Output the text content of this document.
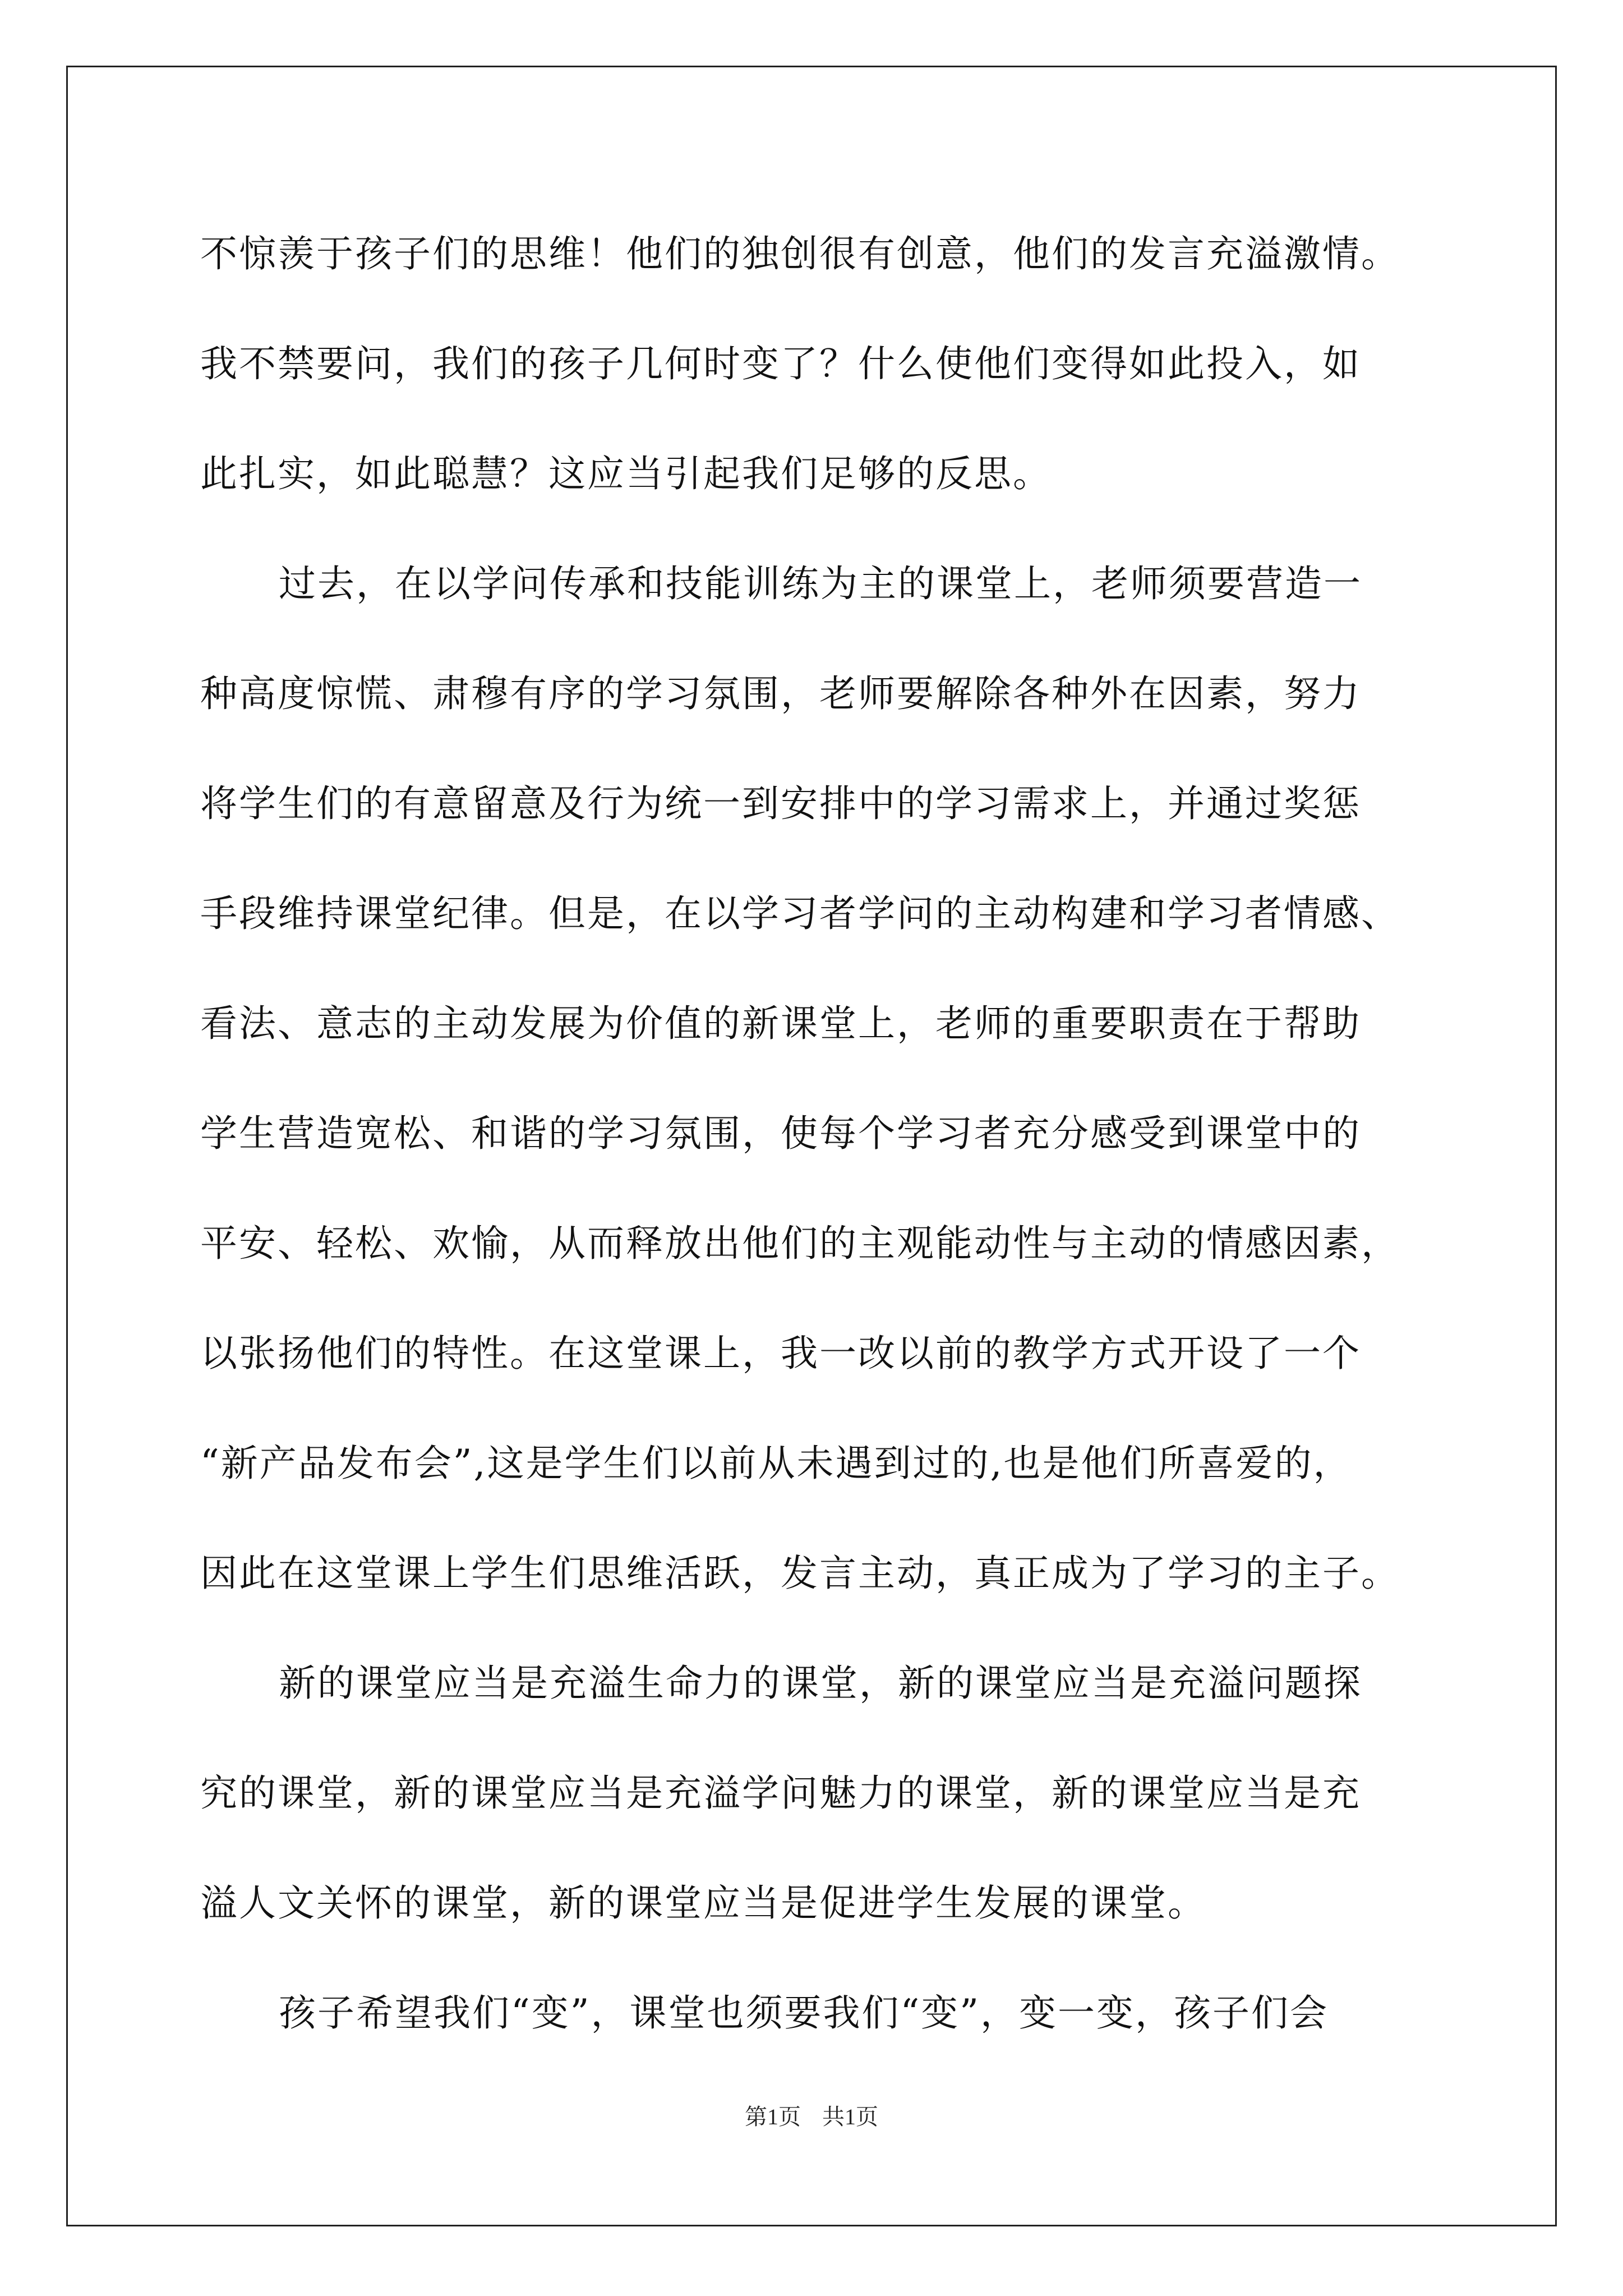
不惊羡于孩子们的思维！他们的独创很有创意，他们的发言充溢激情。
我不禁要问，我们的孩子几何时变了？什么使他们变得如此投入，如
此扎实，如此聪慧？这应当引起我们足够的反思。
过去，在以学问传承和技能训练为主的课堂上，老师须要营造一
种高度惊慌、肃穆有序的学习氛围，老师要解除各种外在因素，努力
将学生们的有意留意及行为统一到安排中的学习需求上，并通过奖惩
手段维持课堂纪律。但是，在以学习者学问的主动构建和学习者情感、
看法、意志的主动发展为价值的新课堂上，老师的重要职责在于帮助
学生营造宽松、和谐的学习氛围，使每个学习者充分感受到课堂中的
平安、轻松、欢愉，从而释放出他们的主观能动性与主动的情感因素，
以张扬他们的特性。在这堂课上，我一改以前的教学方式开设了一个
“新产品发布会”,这是学生们以前从未遇到过的,也是他们所喜爱的，
因此在这堂课上学生们思维活跃，发言主动，真正成为了学习的主子。
新的课堂应当是充溢生命力的课堂，新的课堂应当是充溢问题探
究的课堂，新的课堂应当是充溢学问魅力的课堂，新的课堂应当是充
溢人文关怀的课堂，新的课堂应当是促进学生发展的课堂。
孩子希望我们“变”，课堂也须要我们“变”，变一变，孩子们会
第1页 共1页
